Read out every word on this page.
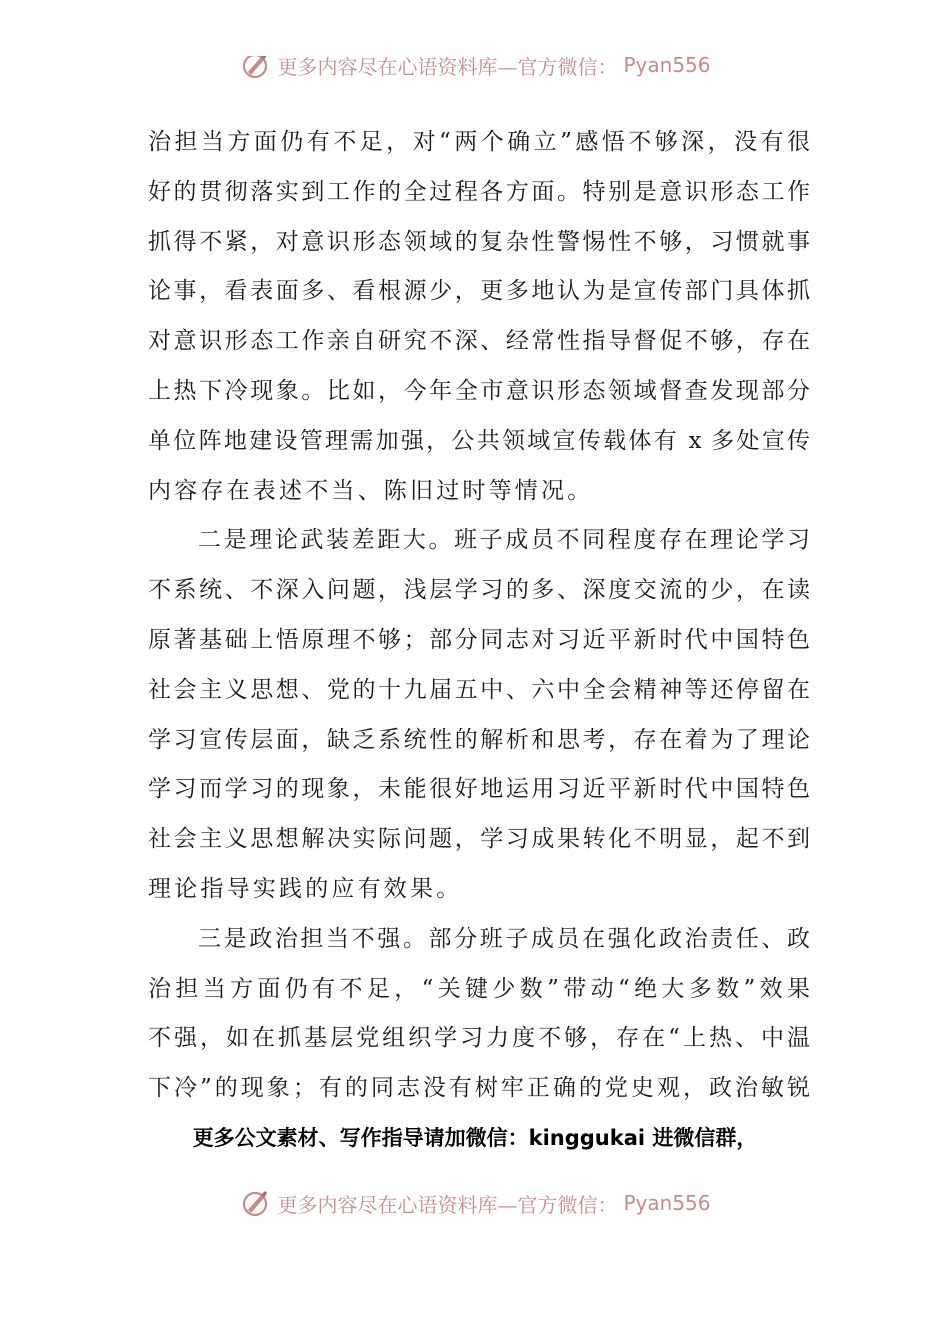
更多内容尽在心语资料库—官方微信： Pyan556
治担当方面仍有不足，对“两个确立”感悟不够深，没有很
好的贯彻落实到工作的全过程各方面。特别是意识形态工作
抓得不紧，对意识形态领域的复杂性警惕性不够，习惯就事
论事，看表面多、看根源少，更多地认为是宣传部门具体抓
对意识形态工作亲自研究不深、经常性指导督促不够，存在
上热下冷现象。比如，今年全市意识形态领域督查发现部分
单位阵地建设管理需加强，公共领域宣传载体有 x 多处宣传
内容存在表述不当、陈旧过时等情况。
二是理论武装差距大。班子成员不同程度存在理论学习
不系统、不深入问题，浅层学习的多、深度交流的少，在读
原著基础上悟原理不够；部分同志对习近平新时代中国特色
社会主义思想、党的十九届五中、六中全会精神等还停留在
学习宣传层面，缺乏系统性的解析和思考，存在着为了理论
学习而学习的现象，未能很好地运用习近平新时代中国特色
社会主义思想解决实际问题，学习成果转化不明显，起不到
理论指导实践的应有效果。
三是政治担当不强。部分班子成员在强化政治责任、政
治担当方面仍有不足，“关键少数”带动“绝大多数”效果
不强，如在抓基层党组织学习力度不够，存在“上热、中温
下冷”的现象；有的同志没有树牢正确的党史观，政治敏锐
更多公文素材、写作指导请加微信：kinggukai 进微信群，
更多内容尽在心语资料库—官方微信： Pyan556
